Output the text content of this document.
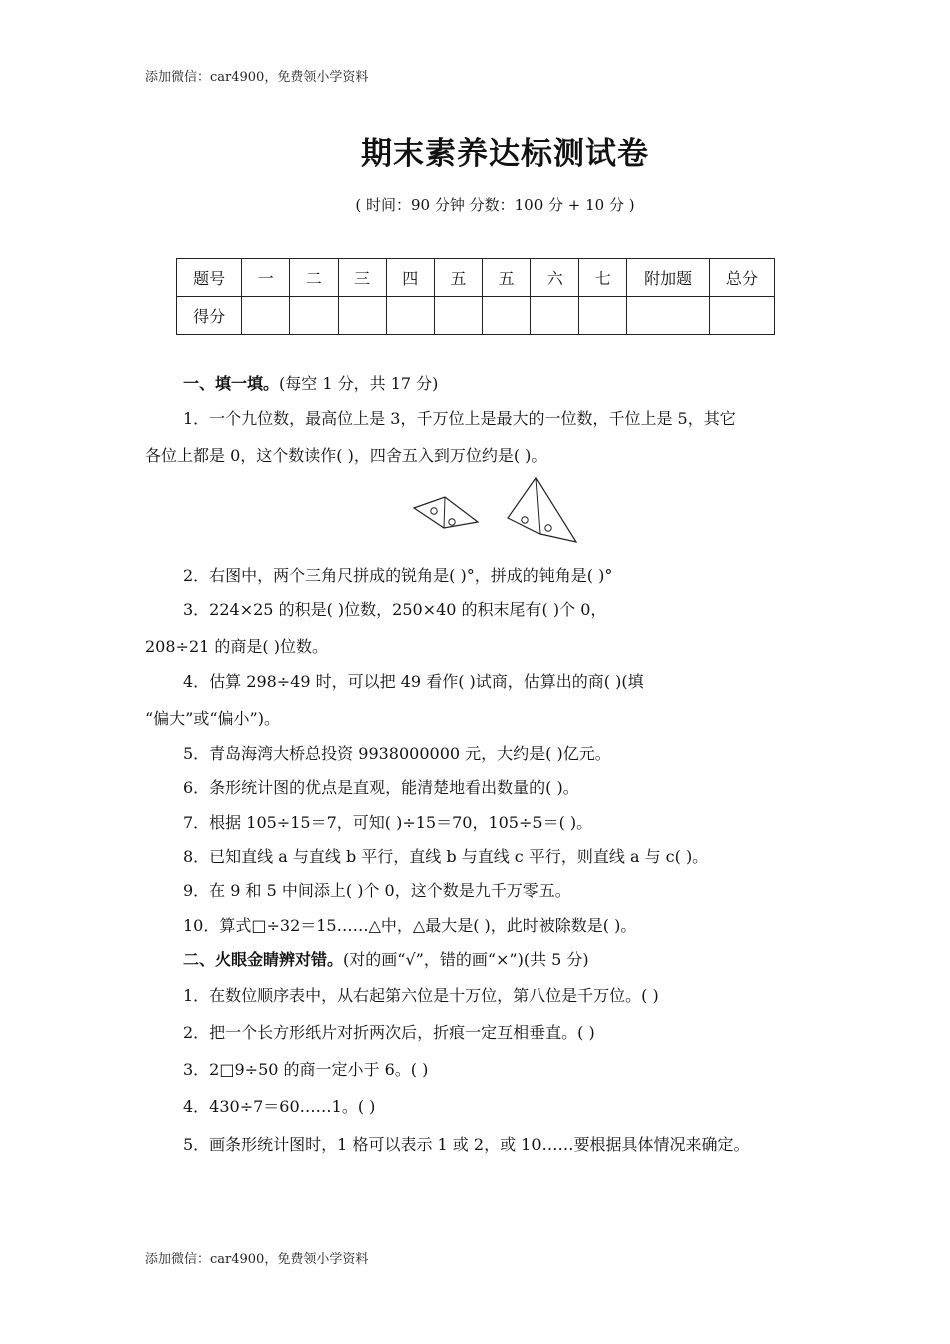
添加微信：car4900，免费领小学资料
期末素养达标测试卷
( 时间：90 分钟 分数：100 分 + 10 分 )
题号	一	二	三	四	五	五	六	七	附加题	总分
得分										
一、填一填。(每空 1 分，共 17 分)
1．一个九位数，最高位上是 3，千万位上是最大的一位数，千位上是 5，其它
各位上都是 0，这个数读作( )，四舍五入到万位约是( )。
2．右图中，两个三角尺拼成的锐角是( )°，拼成的钝角是( )°
3．224×25 的积是( )位数，250×40 的积末尾有( )个 0，
208÷21 的商是( )位数。
4．估算 298÷49 时，可以把 49 看作( )试商，估算出的商( )(填
“偏大”或“偏小”)。
5．青岛海湾大桥总投资 9938000000 元，大约是( )亿元。
6．条形统计图的优点是直观，能清楚地看出数量的( )。
7．根据 105÷15＝7，可知( )÷15＝70，105÷5＝( )。
8．已知直线 a 与直线 b 平行，直线 b 与直线 c 平行，则直线 a 与 c( )。
9．在 9 和 5 中间添上( )个 0，这个数是九千万零五。
10．算式□÷32＝15……△中，△最大是( )，此时被除数是( )。
二、火眼金睛辨对错。(对的画“√”，错的画“×”)(共 5 分)
1．在数位顺序表中，从右起第六位是十万位，第八位是千万位。( )
2．把一个长方形纸片对折两次后，折痕一定互相垂直。( )
3．2□9÷50 的商一定小于 6。( )
4．430÷7＝60……1。( )
5．画条形统计图时，1 格可以表示 1 或 2，或 10……要根据具体情况来确定。
添加微信：car4900，免费领小学资料
